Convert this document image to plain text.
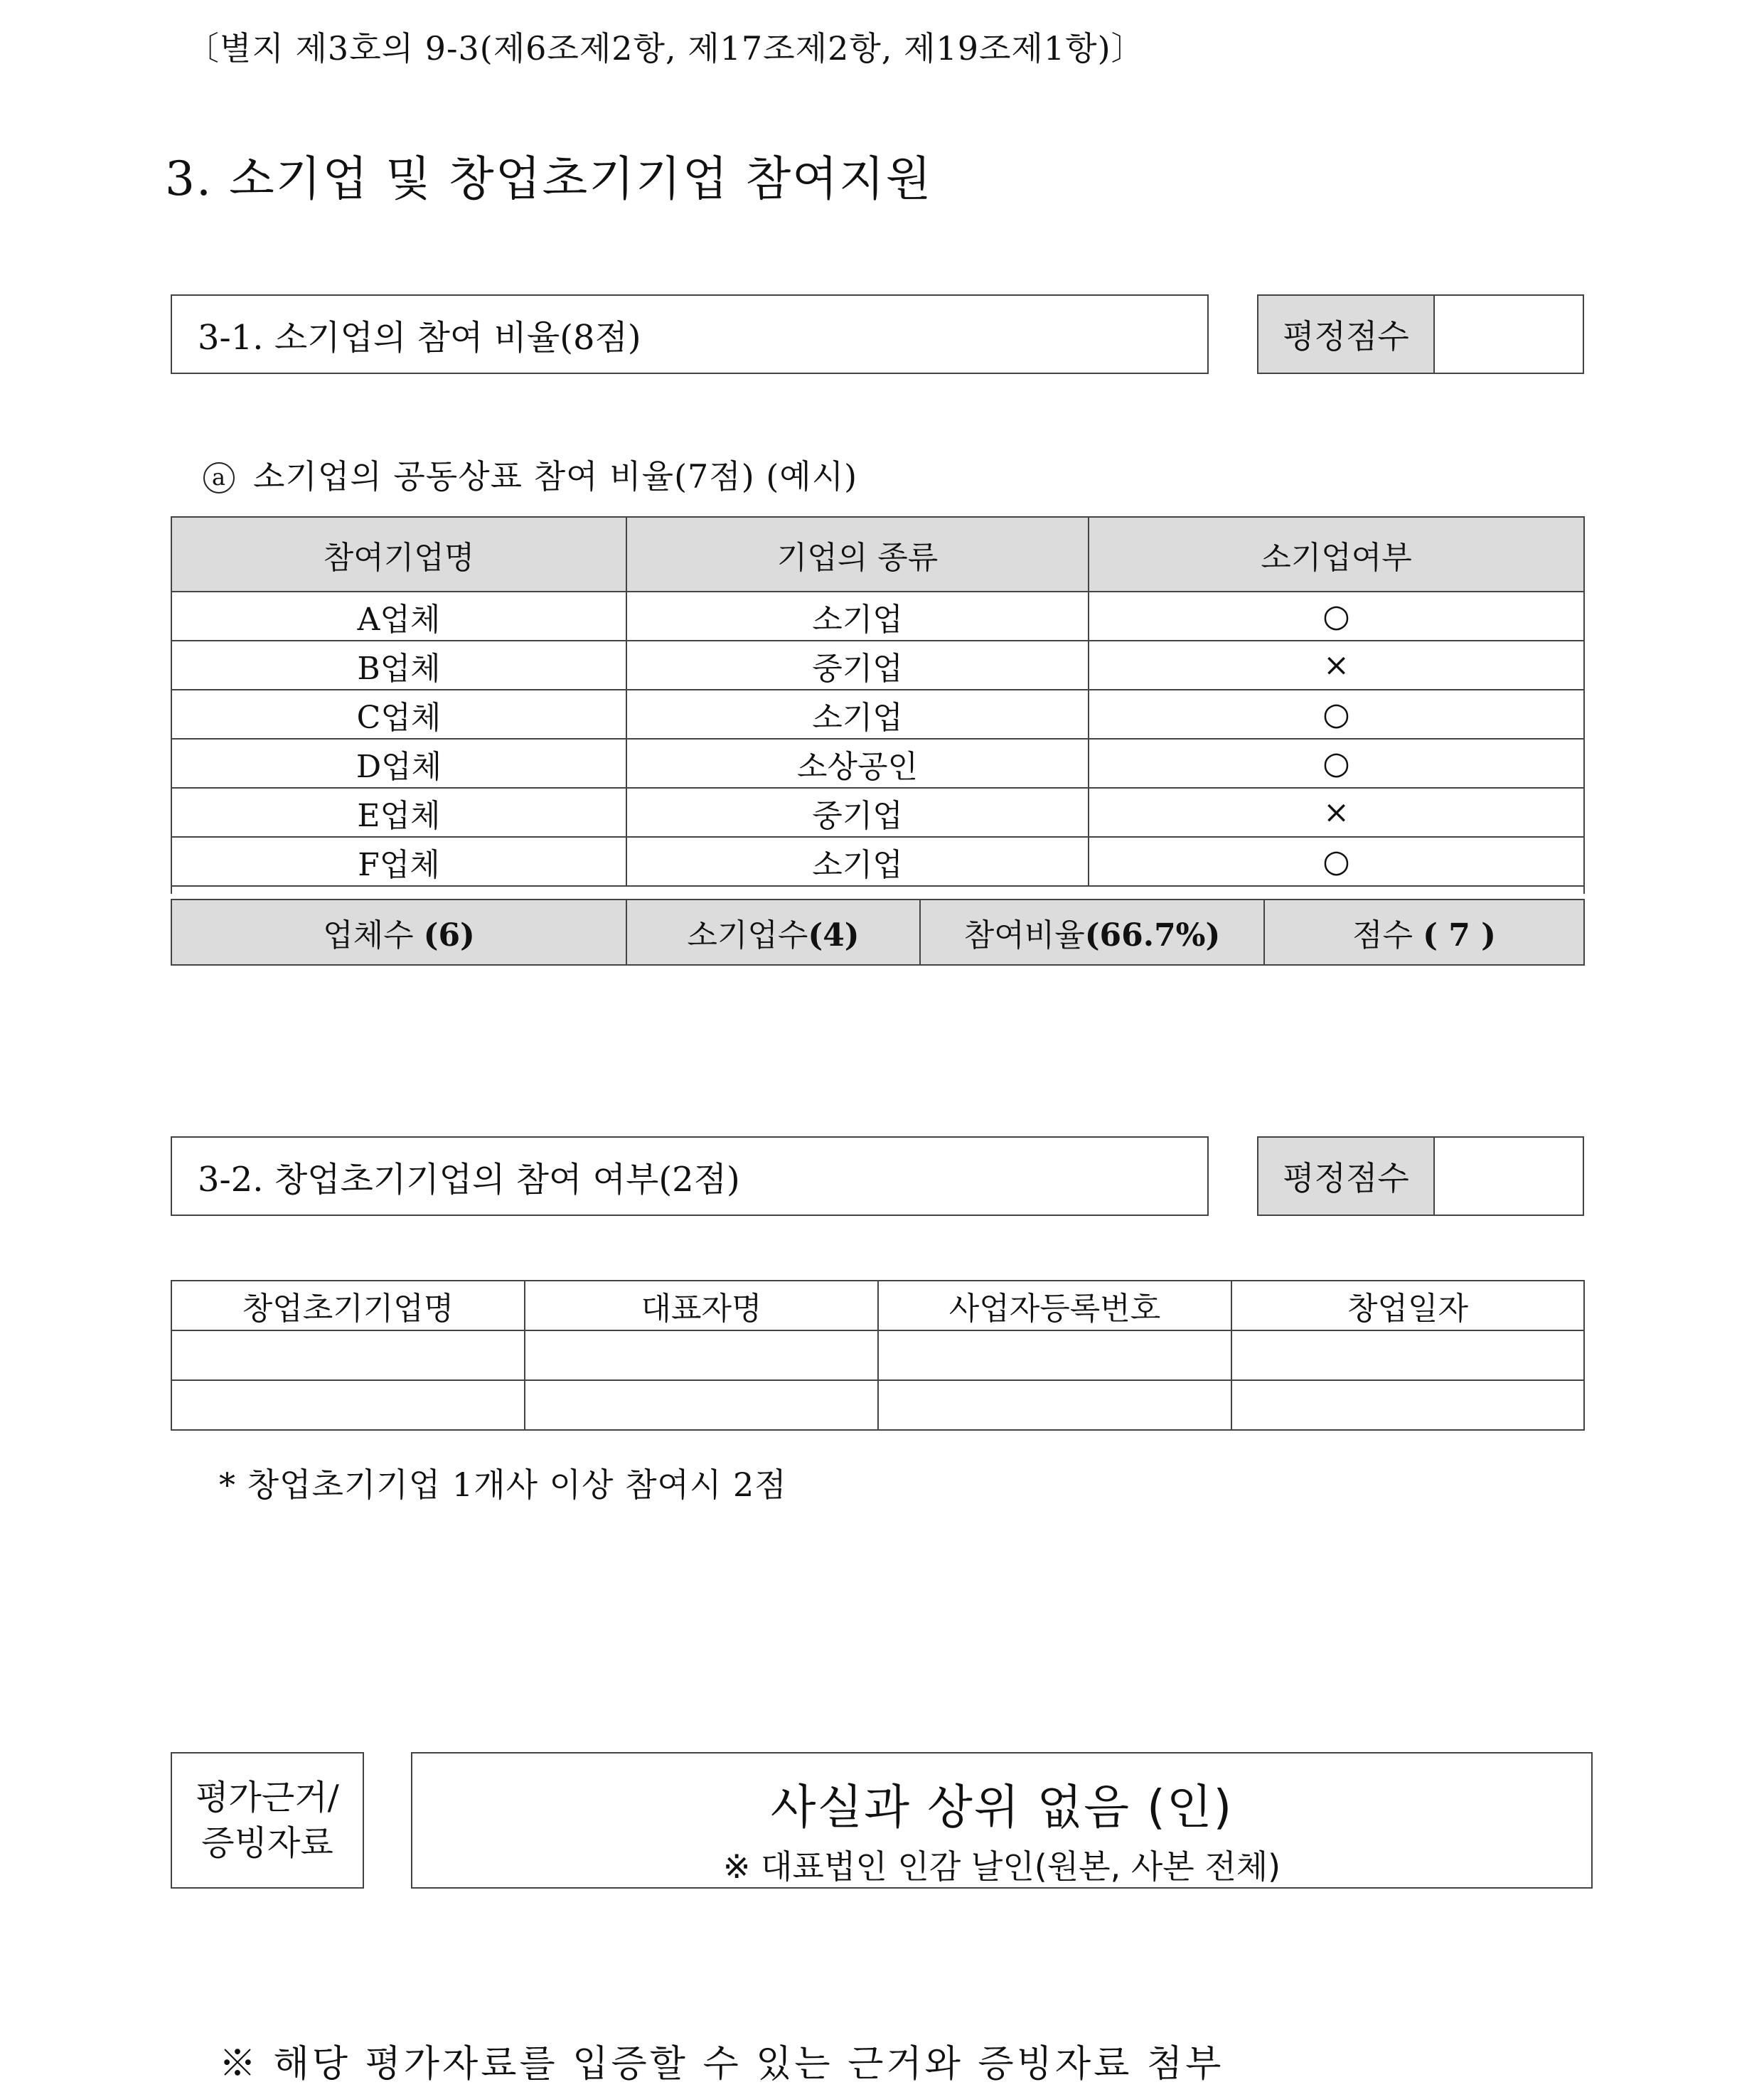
〔별지 제3호의 9-3(제6조제2항, 제17조제2항, 제19조제1항)〕
3. 소기업 및 창업초기기업 참여지원
3-1. 소기업의 참여 비율(8점)	평정점수
a 소기업의 공동상표 참여 비율(7점) (예시)
참여기업명	기업의 종류	소기업여부
A업체	소기업	○
B업체	중기업	×
C업체	소기업	○
D업체	소상공인	○
E업체	중기업	×
F업체	소기업	○

업체수 (6)	소기업수(4)	참여비율(66.7%)	점수 ( 7 )
3-2. 창업초기기업의 참여 여부(2점)	평정점수
창업초기기업명	대표자명	사업자등록번호	창업일자

* 창업초기기업 1개사 이상 참여시 2점
평가근거/
증빙자료
사실과 상위 없음 (인)
※ 대표법인 인감 날인(원본, 사본 전체)
※ 해당 평가자료를 입증할 수 있는 근거와 증빙자료 첨부
